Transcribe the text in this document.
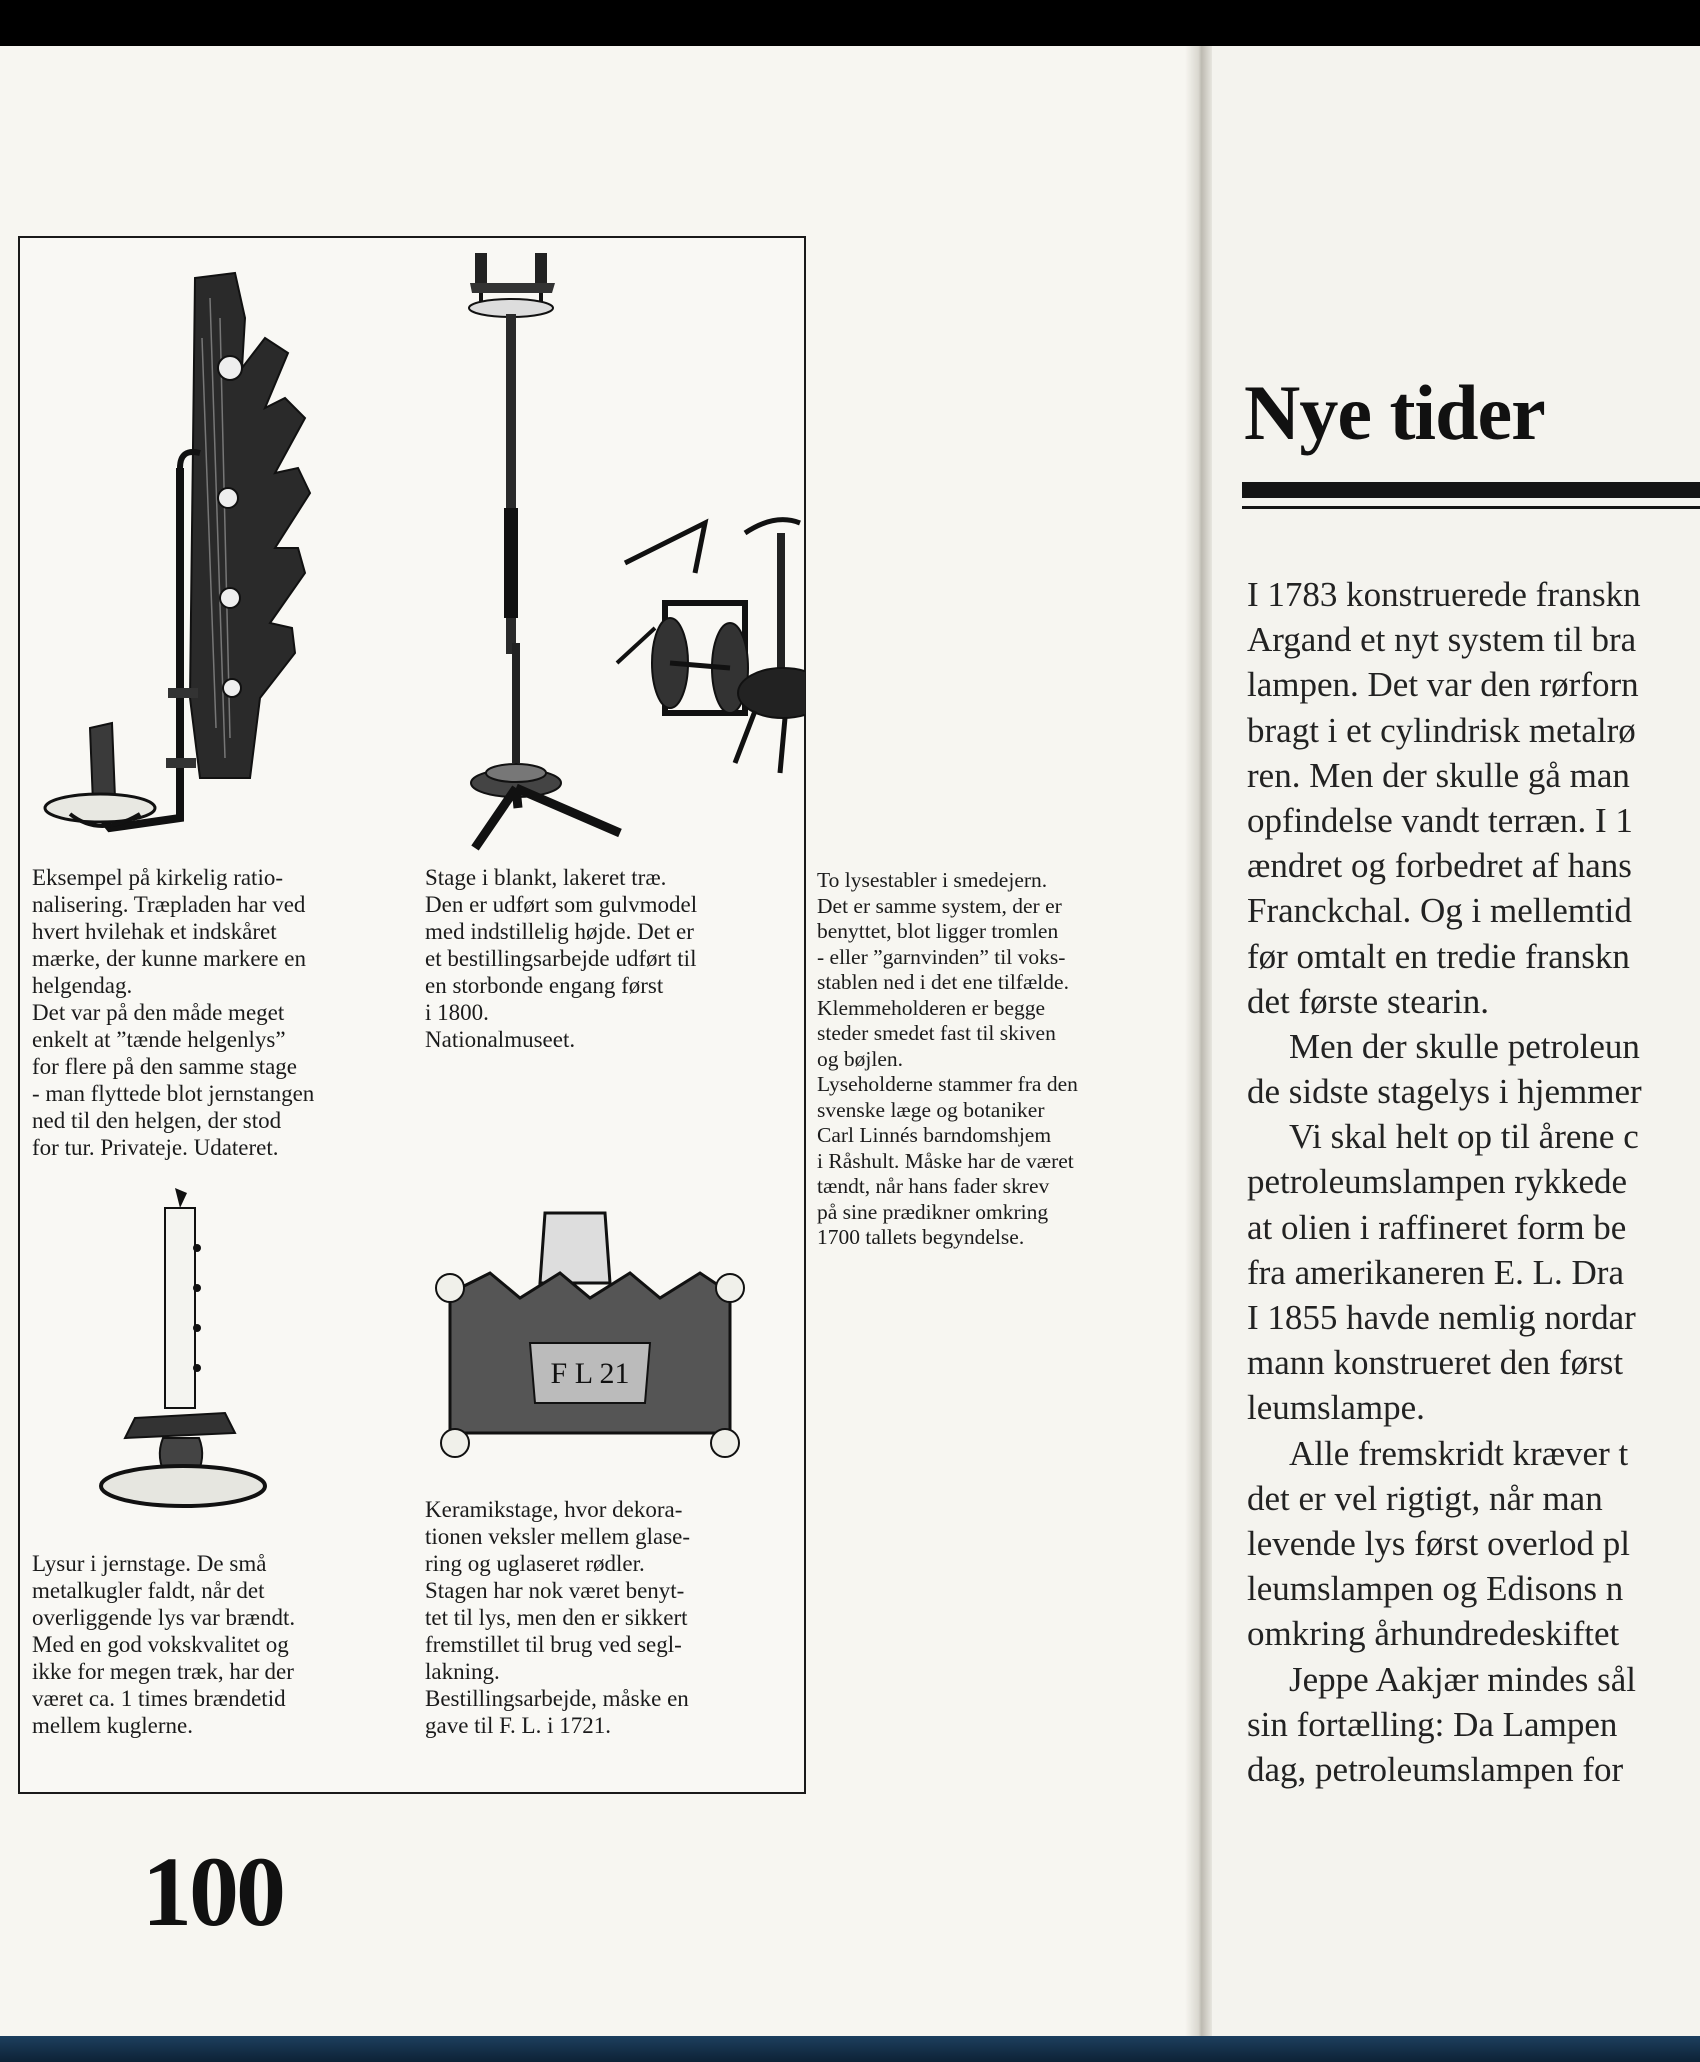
F L 21
Eksempel på kirkelig ratio-
nalisering. Træpladen har ved
hvert hvilehak et indskåret
mærke, der kunne markere en
helgendag.
Det var på den måde meget
enkelt at ”tænde helgenlys”
for flere på den samme stage
- man flyttede blot jernstangen
ned til den helgen, der stod
for tur. Privateje. Udateret.
Stage i blankt, lakeret træ.
Den er udført som gulvmodel
med indstillelig højde. Det er
et bestillingsarbejde udført til
en storbonde engang først
i 1800.
Nationalmuseet.
To lysestabler i smedejern.
Det er samme system, der er
benyttet, blot ligger tromlen
- eller ”garnvinden” til voks-
stablen ned i det ene tilfælde.
Klemmeholderen er begge
steder smedet fast til skiven
og bøjlen.
Lyseholderne stammer fra den
svenske læge og botaniker
Carl Linnés barndomshjem
i Råshult. Måske har de været
tændt, når hans fader skrev
på sine prædikner omkring
1700 tallets begyndelse.
Lysur i jernstage. De små
metalkugler faldt, når det
overliggende lys var brændt.
Med en god vokskvalitet og
ikke for megen træk, har der
været ca. 1 times brændetid
mellem kuglerne.
Keramikstage, hvor dekora-
tionen veksler mellem glase-
ring og uglaseret rødler.
Stagen har nok været benyt-
tet til lys, men den er sikkert
fremstillet til brug ved segl-
lakning.
Bestillingsarbejde, måske en
gave til F. L. i 1721.
100
Nye tider
I 1783 konstruerede franskn
Argand et nyt system til bra
lampen. Det var den rørforn
bragt i et cylindrisk metalrø
ren. Men der skulle gå man
opfindelse vandt terræn. I 1
ændret og forbedret af hans
Franckchal. Og i mellemtid
før omtalt en tredie franskn
det første stearin.
Men der skulle petroleun
de sidste stagelys i hjemmer
Vi skal helt op til årene c
petroleumslampen rykkede
at olien i raffineret form be
fra amerikaneren E. L. Dra
I 1855 havde nemlig nordar
mann konstrueret den først
leumslampe.
Alle fremskridt kræver t
det er vel rigtigt, når man
levende lys først overlod pl
leumslampen og Edisons n
omkring århundredeskiftet
Jeppe Aakjær mindes sål
sin fortælling: Da Lampen
dag, petroleumslampen for
